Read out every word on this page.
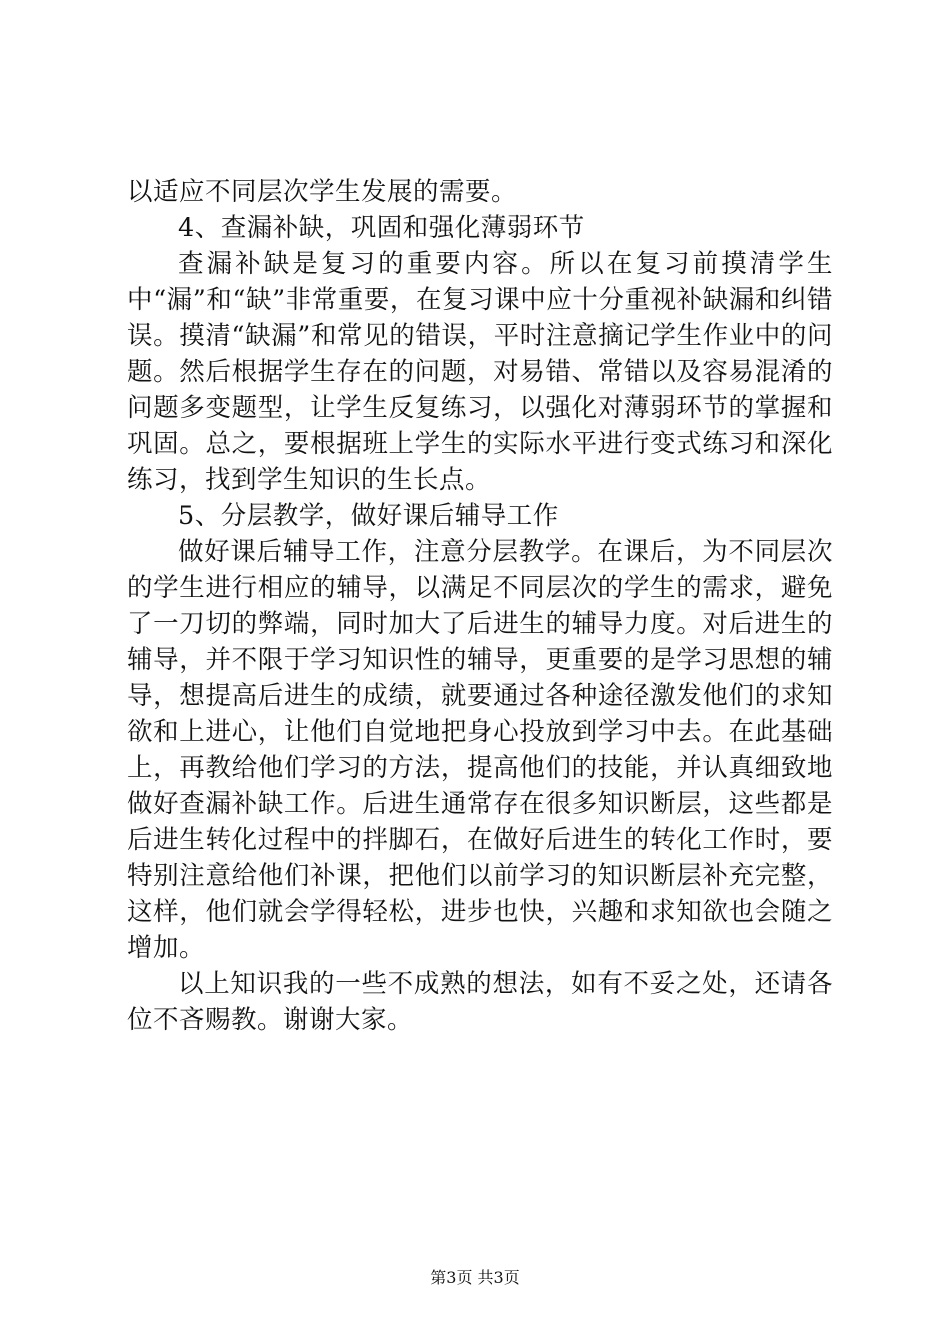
以适应不同层次学生发展的需要。

4、查漏补缺，巩固和强化薄弱环节

查漏补缺是复习的重要内容。所以在复习前摸清学生中“漏”和“缺”非常重要，在复习课中应十分重视补缺漏和纠错误。摸清“缺漏”和常见的错误，平时注意摘记学生作业中的问题。然后根据学生存在的问题，对易错、常错以及容易混淆的问题多变题型，让学生反复练习，以强化对薄弱环节的掌握和巩固。总之，要根据班上学生的实际水平进行变式练习和深化练习，找到学生知识的生长点。

5、分层教学，做好课后辅导工作

做好课后辅导工作，注意分层教学。在课后，为不同层次的学生进行相应的辅导，以满足不同层次的学生的需求，避免了一刀切的弊端，同时加大了后进生的辅导力度。对后进生的辅导，并不限于学习知识性的辅导，更重要的是学习思想的辅导，想提高后进生的成绩，就要通过各种途径激发他们的求知欲和上进心，让他们自觉地把身心投放到学习中去。在此基础上，再教给他们学习的方法，提高他们的技能，并认真细致地做好查漏补缺工作。后进生通常存在很多知识断层，这些都是后进生转化过程中的拌脚石，在做好后进生的转化工作时，要特别注意给他们补课，把他们以前学习的知识断层补充完整，这样，他们就会学得轻松，进步也快，兴趣和求知欲也会随之增加。

以上知识我的一些不成熟的想法，如有不妥之处，还请各位不吝赐教。谢谢大家。

第3页 共3页
